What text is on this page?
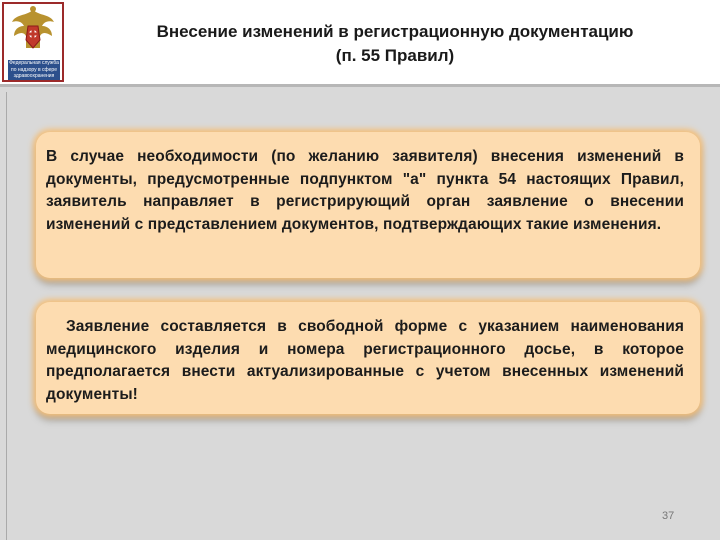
Федеральная служба по надзору в сфере здравоохранения
Внесение изменений в регистрационную документацию
(п. 55 Правил)
В случае необходимости (по желанию заявителя) внесения изменений в документы, предусмотренные подпунктом "а" пункта 54 настоящих Правил, заявитель направляет в регистрирующий орган заявление о внесении изменений с представлением документов, подтверждающих такие изменения.
Заявление составляется в свободной форме с указанием наименования медицинского изделия и номера регистрационного досье, в которое предполагается внести актуализированные с учетом внесенных изменений документы!
37
